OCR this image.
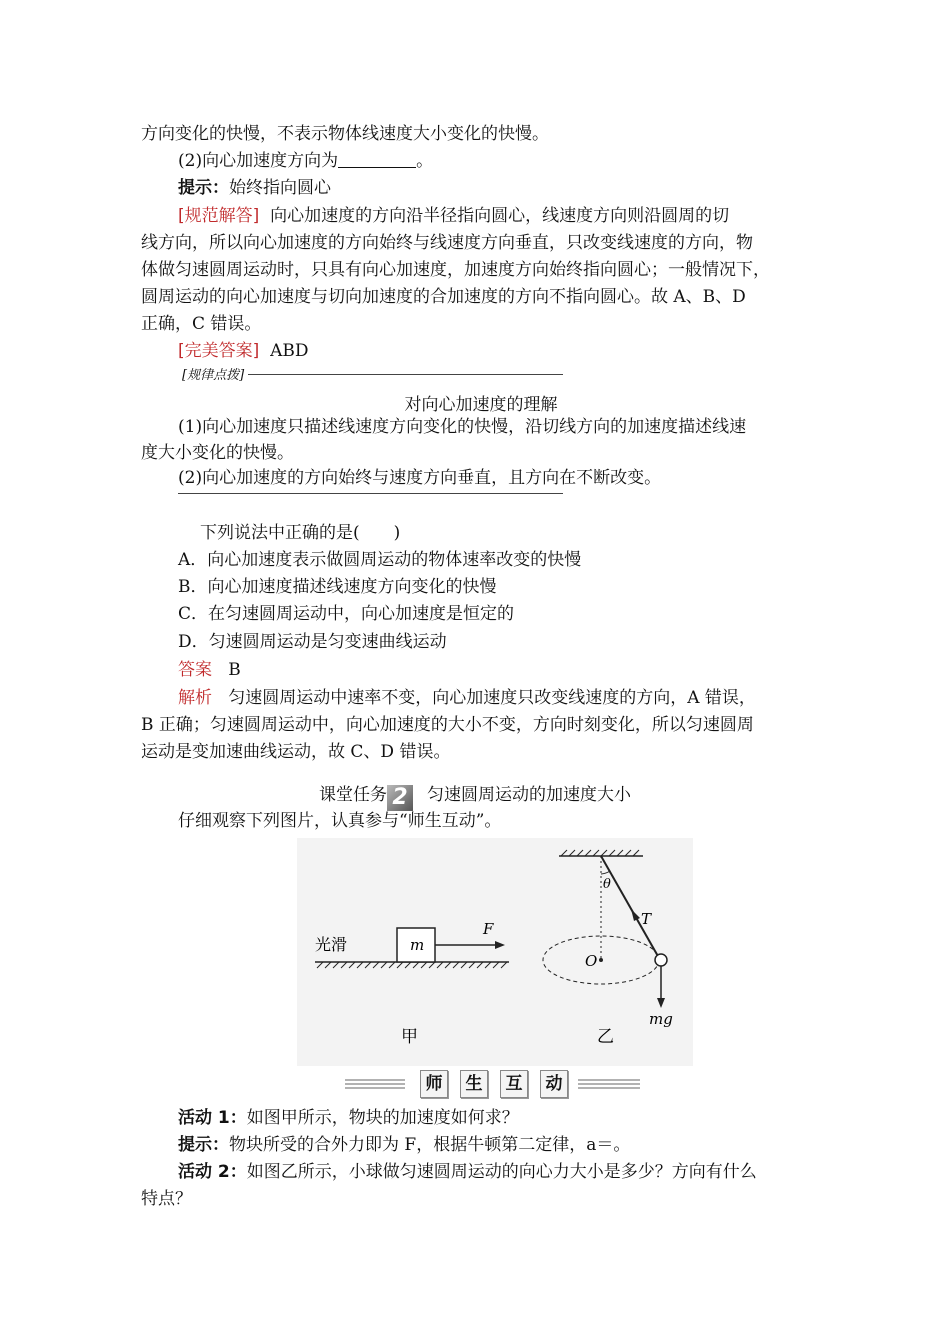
方向变化的快慢，不表示物体线速度大小变化的快慢。
(2)向心加速度方向为	。
提示：始终指向圆心
[规范解答] 向心加速度的方向沿半径指向圆心，线速度方向则沿圆周的切
线方向，所以向心加速度的方向始终与线速度方向垂直，只改变线速度的方向，物
体做匀速圆周运动时，只具有向心加速度，加速度方向始终指向圆心；一般情况下，
圆周运动的向心加速度与切向加速度的合加速度的方向不指向圆心。故 A、B、D
正确，C 错误。
[完美答案] ABD
[规律点拨]
对向心加速度的理解
(1)向心加速度只描述线速度方向变化的快慢，沿切线方向的加速度描述线速
度大小变化的快慢。
(2)向心加速度的方向始终与速度方向垂直，且方向在不断改变。
下列说法中正确的是(　　)
A．向心加速度表示做圆周运动的物体速率改变的快慢
B．向心加速度描述线速度方向变化的快慢
C．在匀速圆周运动中，向心加速度是恒定的
D．匀速圆周运动是匀变速曲线运动
答案 B
解析 匀速圆周运动中速率不变，向心加速度只改变线速度的方向，A 错误，
B 正确；匀速圆周运动中，向心加速度的大小不变，方向时刻变化，所以匀速圆周
运动是变加速曲线运动，故 C、D 错误。
课堂任务 2 匀速圆周运动的加速度大小
仔细观察下列图片，认真参与“师生互动”。
光滑	m
F
甲
T
θ
O
mg
乙
师	生	互	动
活动 1：如图甲所示，物块的加速度如何求？
提示：物块所受的合外力即为 F，根据牛顿第二定律，a＝。
活动 2：如图乙所示，小球做匀速圆周运动的向心力大小是多少？方向有什么
特点？
